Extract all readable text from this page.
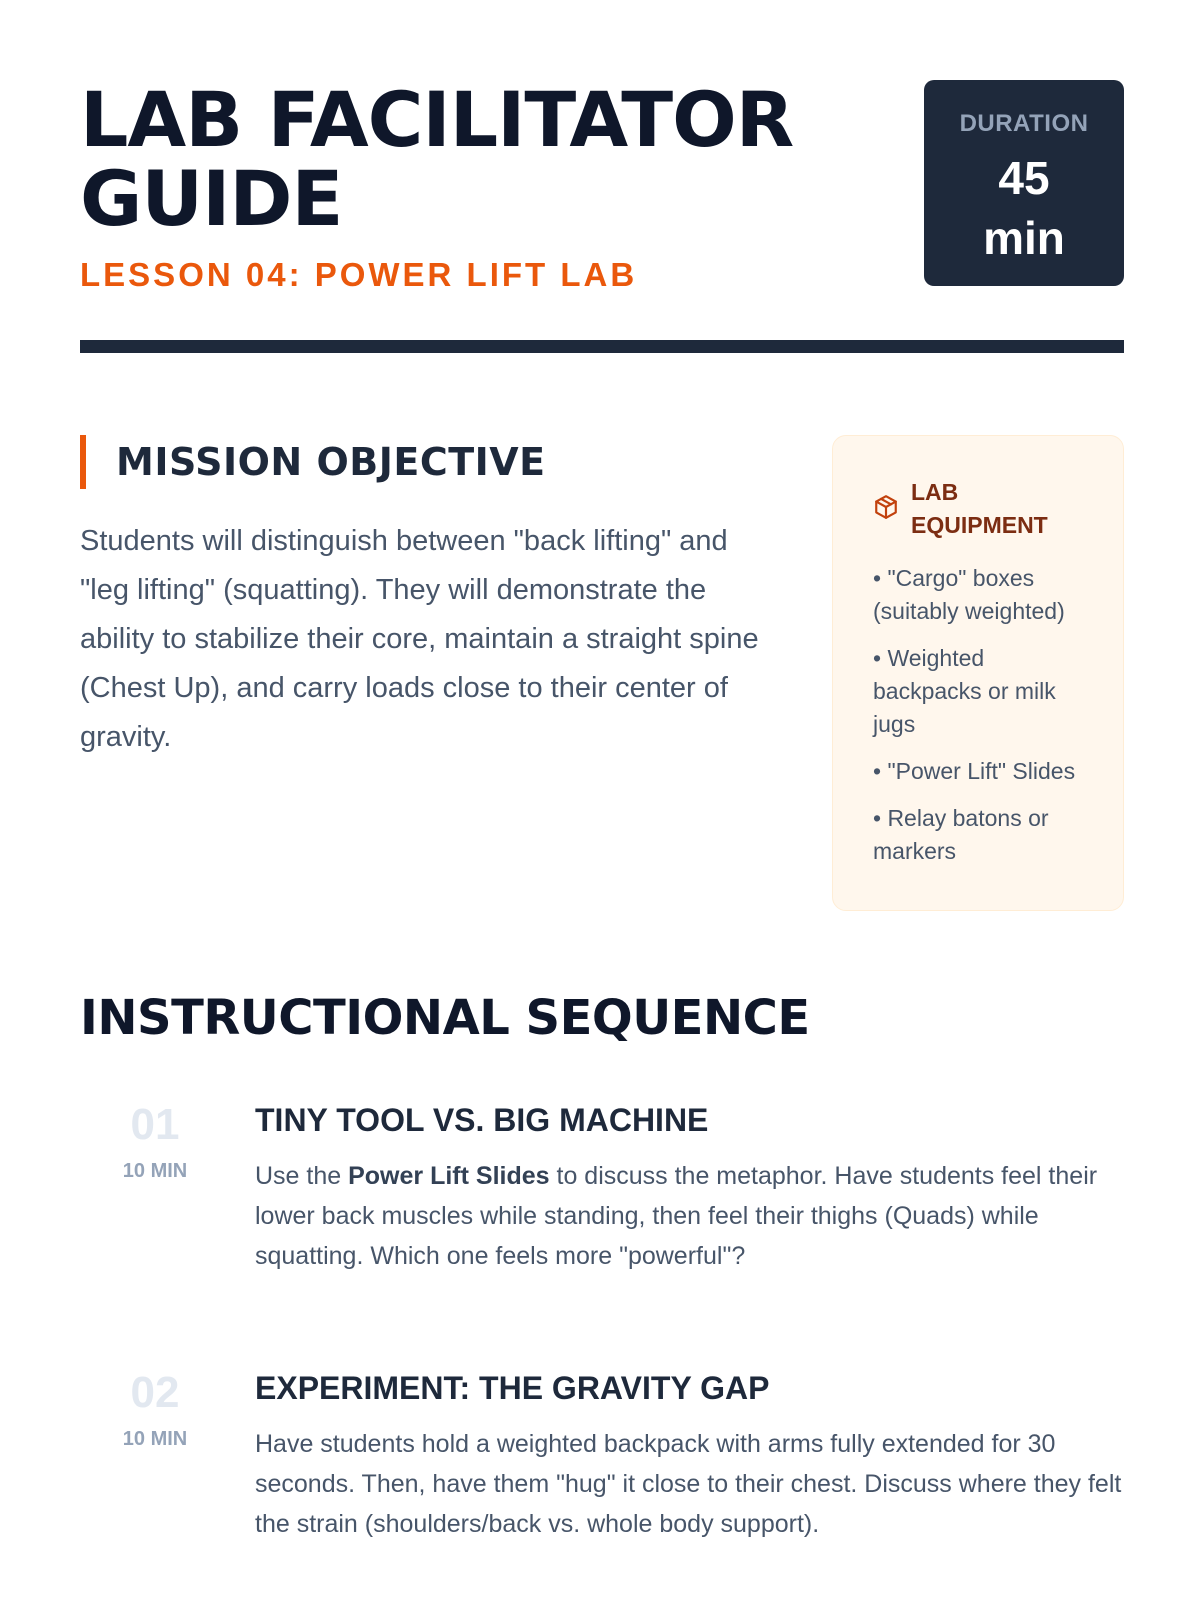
LAB FACILITATOR GUIDE

LESSON 04: POWER LIFT LAB

DURATION
45 min
MISSION OBJECTIVE

Students will distinguish between "back lifting" and "leg lifting" (squatting). They will demonstrate the ability to stabilize their core, maintain a straight spine (Chest Up), and carry loads close to their center of gravity.

LAB EQUIPMENT
• "Cargo" boxes (suitably weighted)
• Weighted backpacks or milk jugs
• "Power Lift" Slides
• Relay batons or markers
INSTRUCTIONAL SEQUENCE
01
10 MIN
TINY TOOL VS. BIG MACHINE

Use the Power Lift Slides to discuss the metaphor. Have students feel their lower back muscles while standing, then feel their thighs (Quads) while squatting. Which one feels more "powerful"?

02
10 MIN
EXPERIMENT: THE GRAVITY GAP

Have students hold a weighted backpack with arms fully extended for 30 seconds. Then, have them "hug" it close to their chest. Discuss where they felt the strain (shoulders/back vs. whole body support).
